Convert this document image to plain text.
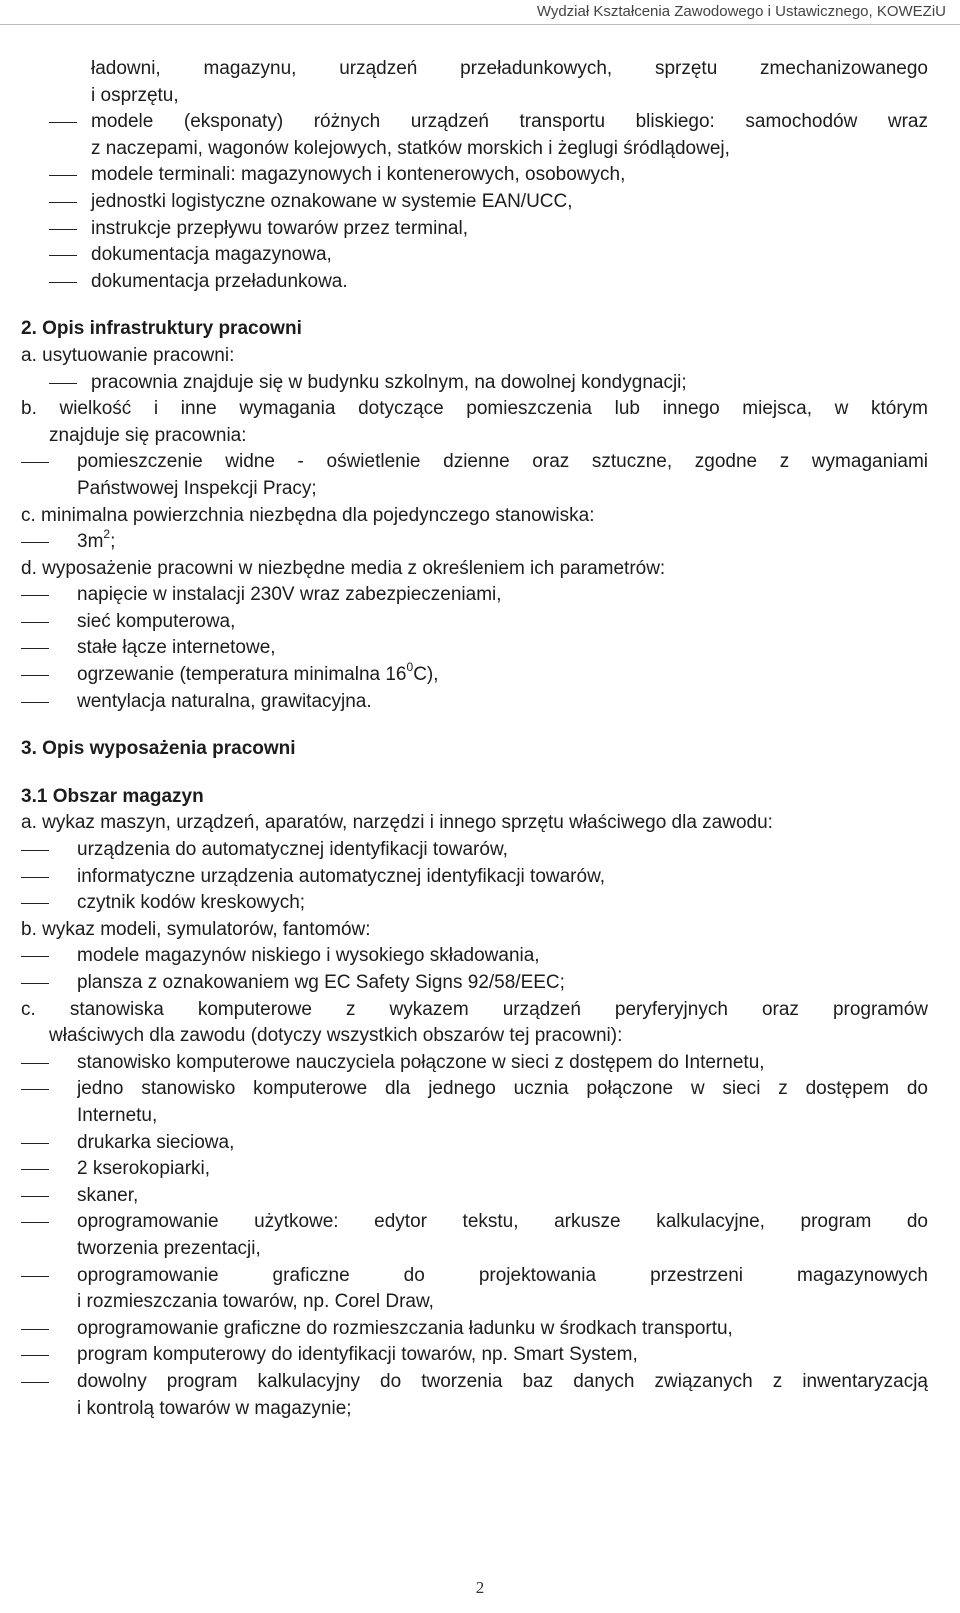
Wydział Kształcenia Zawodowego i Ustawicznego, KOWEZiU
ładowni, magazynu, urządzeń przeładunkowych, sprzętu zmechanizowanego
i osprzętu,
modele (eksponaty) różnych urządzeń transportu bliskiego: samochodów wraz
z naczepami, wagonów kolejowych, statków morskich i żeglugi śródlądowej,
modele terminali: magazynowych i kontenerowych, osobowych,
jednostki logistyczne oznakowane w systemie EAN/UCC,
instrukcje przepływu towarów przez terminal,
dokumentacja magazynowa,
dokumentacja przeładunkowa.
2. Opis infrastruktury pracowni
a. usytuowanie pracowni:
pracownia znajduje się w budynku szkolnym, na dowolnej kondygnacji;
b. wielkość i inne wymagania dotyczące pomieszczenia lub innego miejsca, w którym
znajduje się pracownia:
pomieszczenie widne - oświetlenie dzienne oraz sztuczne, zgodne z wymaganiami
Państwowej Inspekcji Pracy;
c. minimalna powierzchnia niezbędna dla pojedynczego stanowiska:
$3m^2$;
d. wyposażenie pracowni w niezbędne media z określeniem ich parametrów:
napięcie w instalacji 230V wraz zabezpieczeniami,
sieć komputerowa,
stałe łącze internetowe,
ogrzewanie (temperatura minimalna $16^0C$),
wentylacja naturalna, grawitacyjna.
3. Opis wyposażenia pracowni
3.1 Obszar magazyn
a. wykaz maszyn, urządzeń, aparatów, narzędzi i innego sprzętu właściwego dla zawodu:
urządzenia do automatycznej identyfikacji towarów,
informatyczne urządzenia automatycznej identyfikacji towarów,
czytnik kodów kreskowych;
b. wykaz modeli, symulatorów, fantomów:
modele magazynów niskiego i wysokiego składowania,
plansza z oznakowaniem wg EC Safety Signs 92/58/EEC;
c. stanowiska komputerowe z wykazem urządzeń peryferyjnych oraz programów
właściwych dla zawodu (dotyczy wszystkich obszarów tej pracowni):
stanowisko komputerowe nauczyciela połączone w sieci z dostępem do Internetu,
jedno stanowisko komputerowe dla jednego ucznia połączone w sieci z dostępem do
Internetu,
drukarka sieciowa,
2 kserokopiarki,
skaner,
oprogramowanie użytkowe: edytor tekstu, arkusze kalkulacyjne, program do
tworzenia prezentacji,
oprogramowanie graficzne do projektowania przestrzeni magazynowych
i rozmieszczania towarów, np. Corel Draw,
oprogramowanie graficzne do rozmieszczania ładunku w środkach transportu,
program komputerowy do identyfikacji towarów, np. Smart System,
dowolny program kalkulacyjny do tworzenia baz danych związanych z inwentaryzacją
i kontrolą towarów w magazynie;
2
